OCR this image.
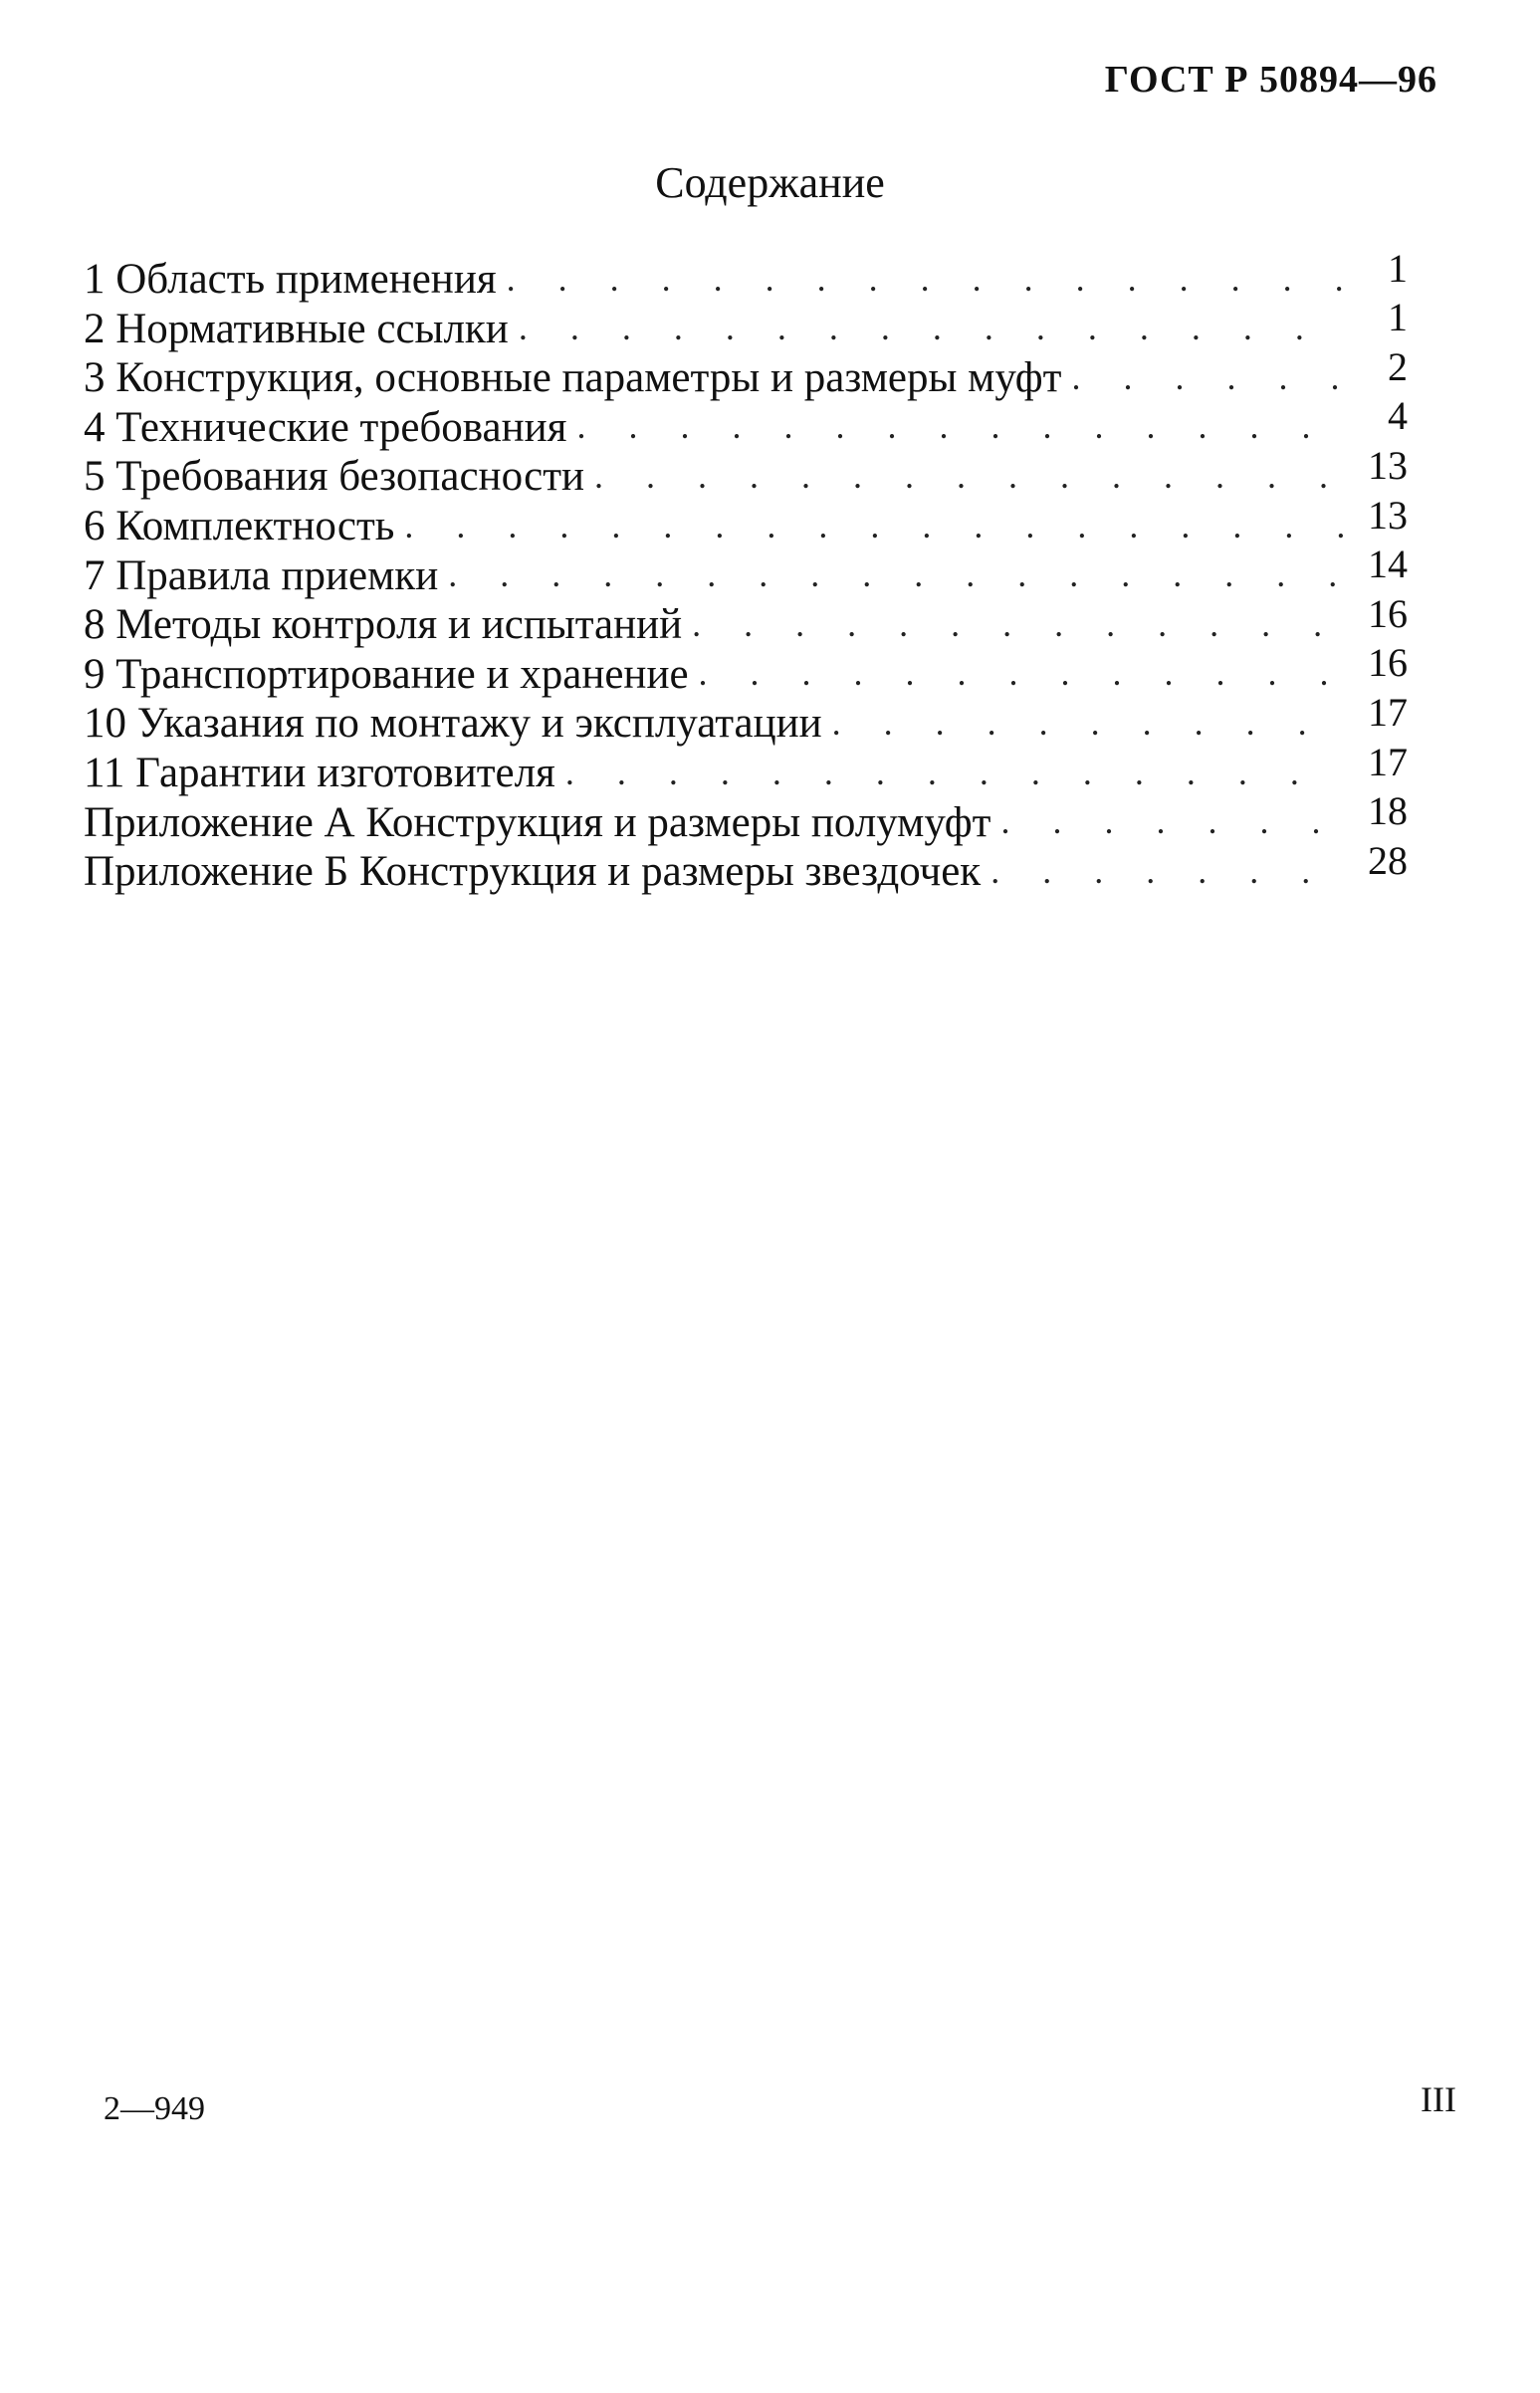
ГОСТ Р 50894—96
Содержание
1 Область применения . . .	1
2 Нормативные ссылки . . .	1
3 Конструкция, основные параметры и размеры муфт . . .	2
4 Технические требования . . .	4
5 Требования безопасности . . .	13
6 Комплектность . . .	13
7 Правила приемки . . .	14
8 Методы контроля и испытаний . . .	16
9 Транспортирование и хранение . . .	16
10 Указания по монтажу и эксплуатации . . .	17
11 Гарантии изготовителя . . .	17
Приложение А Конструкция и размеры полумуфт . . .	18
Приложение Б Конструкция и размеры звездочек . . .	28
2—949	III
